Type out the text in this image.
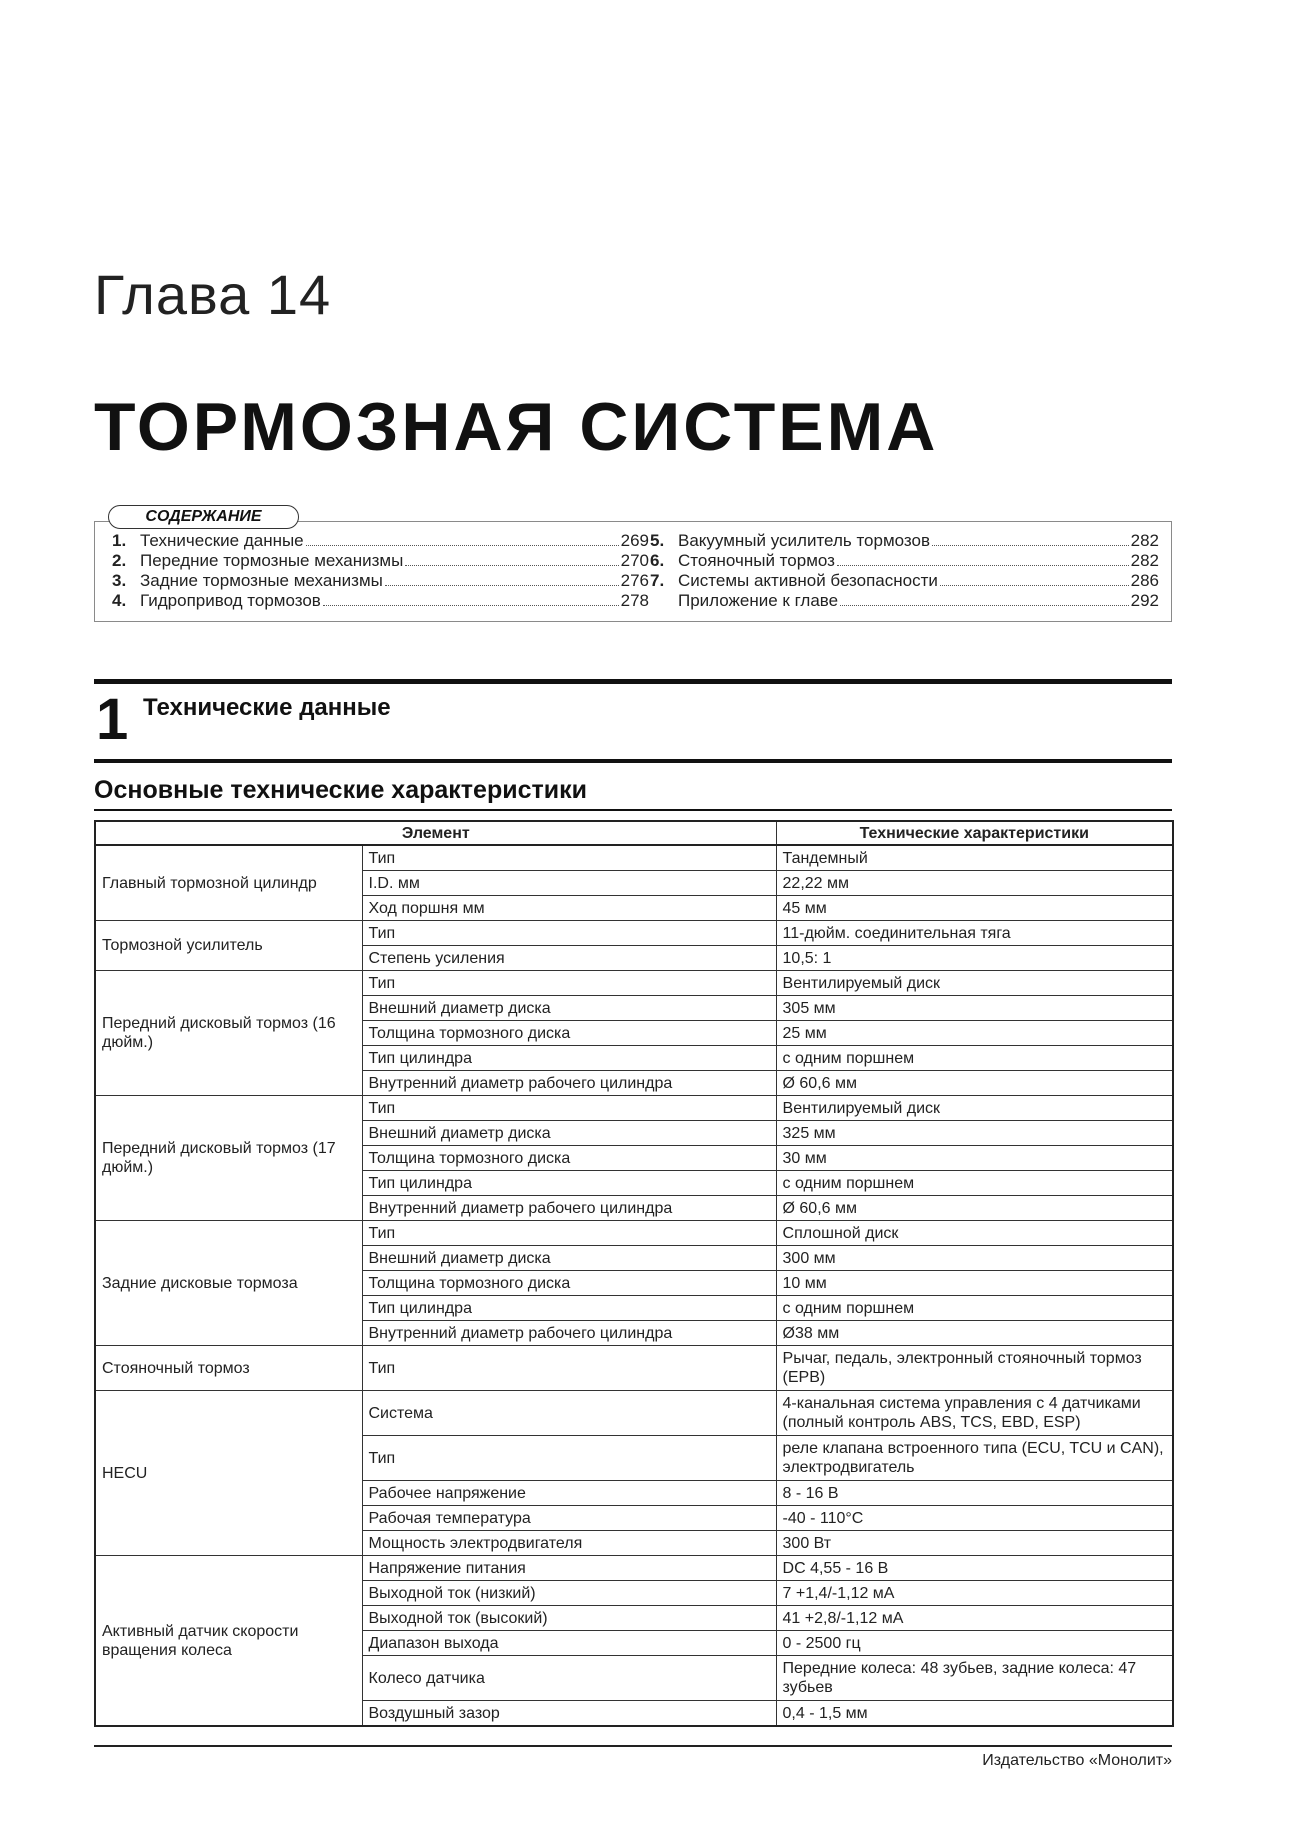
Глава 14
ТОРМОЗНАЯ СИСТЕМА
СОДЕРЖАНИЕ
1. Технические данные	269
2. Передние тормозные механизмы	270
3. Задние тормозные механизмы	276
4. Гидропривод тормозов	278
5. Вакуумный усилитель тормозов	282
6. Стояночный тормоз	282
7. Системы активной безопасности	286
Приложение к главе	292
1 Технические данные
Основные технические характеристики
Элемент		Технические характеристики
Главный тормозной цилиндр	Тип	Тандемный
	I.D. мм	22,22 мм
	Ход поршня мм	45 мм
Тормозной усилитель	Тип	11-дюйм. соединительная тяга
	Степень усиления	10,5: 1
Передний дисковый тормоз (16 дюйм.)	Тип	Вентилируемый диск
	Внешний диаметр диска	305 мм
	Толщина тормозного диска	25 мм
	Тип цилиндра	с одним поршнем
	Внутренний диаметр рабочего цилиндра	Ø 60,6 мм
Передний дисковый тормоз (17 дюйм.)	Тип	Вентилируемый диск
	Внешний диаметр диска	325 мм
	Толщина тормозного диска	30 мм
	Тип цилиндра	с одним поршнем
	Внутренний диаметр рабочего цилиндра	Ø 60,6 мм
Задние дисковые тормоза	Тип	Сплошной диск
	Внешний диаметр диска	300 мм
	Толщина тормозного диска	10 мм
	Тип цилиндра	с одним поршнем
	Внутренний диаметр рабочего цилиндра	Ø38 мм
Стояночный тормоз	Тип	Рычаг, педаль, электронный стояночный тормоз (EPB)
HECU	Система	4-канальная система управления с 4 датчиками (полный контроль ABS, TCS, EBD, ESP)
	Тип	реле клапана встроенного типа (ECU, TCU и CAN), электродвигатель
	Рабочее напряжение	8 - 16 В
	Рабочая температура	-40 - 110°C
	Мощность электродвигателя	300 Вт
Активный датчик скорости вращения колеса	Напряжение питания	DC 4,55 - 16 В
	Выходной ток (низкий)	7 +1,4/-1,12 мА
	Выходной ток (высокий)	41 +2,8/-1,12 мА
	Диапазон выхода	0 - 2500 гц
	Колесо датчика	Передние колеса: 48 зубьев, задние колеса: 47 зубьев
	Воздушный зазор	0,4 - 1,5 мм
Издательство «Монолит»
